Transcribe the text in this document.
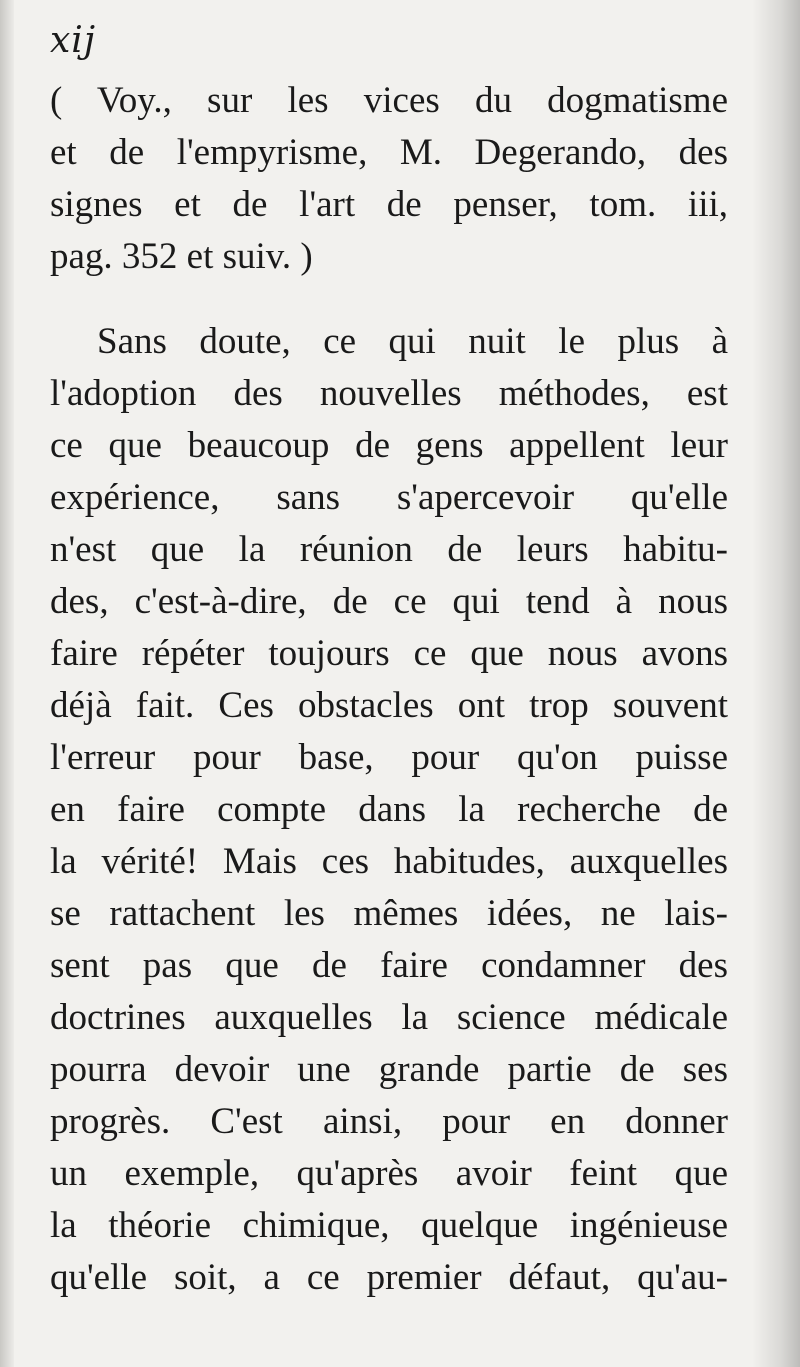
xij
( Voy., sur les vices du dogmatisme
et de l'empyrisme, M. Degerando, des
signes et de l'art de penser, tom. iii,
pag. 352 et suiv. )
Sans doute, ce qui nuit le plus à
l'adoption des nouvelles méthodes, est
ce que beaucoup de gens appellent leur
expérience, sans s'apercevoir qu'elle
n'est que la réunion de leurs habitu-
des, c'est-à-dire, de ce qui tend à nous
faire répéter toujours ce que nous avons
déjà fait. Ces obstacles ont trop souvent
l'erreur pour base, pour qu'on puisse
en faire compte dans la recherche de
la vérité! Mais ces habitudes, auxquelles
se rattachent les mêmes idées, ne lais-
sent pas que de faire condamner des
doctrines auxquelles la science médicale
pourra devoir une grande partie de ses
progrès. C'est ainsi, pour en donner
un exemple, qu'après avoir feint que
la théorie chimique, quelque ingénieuse
qu'elle soit, a ce premier défaut, qu'au-
